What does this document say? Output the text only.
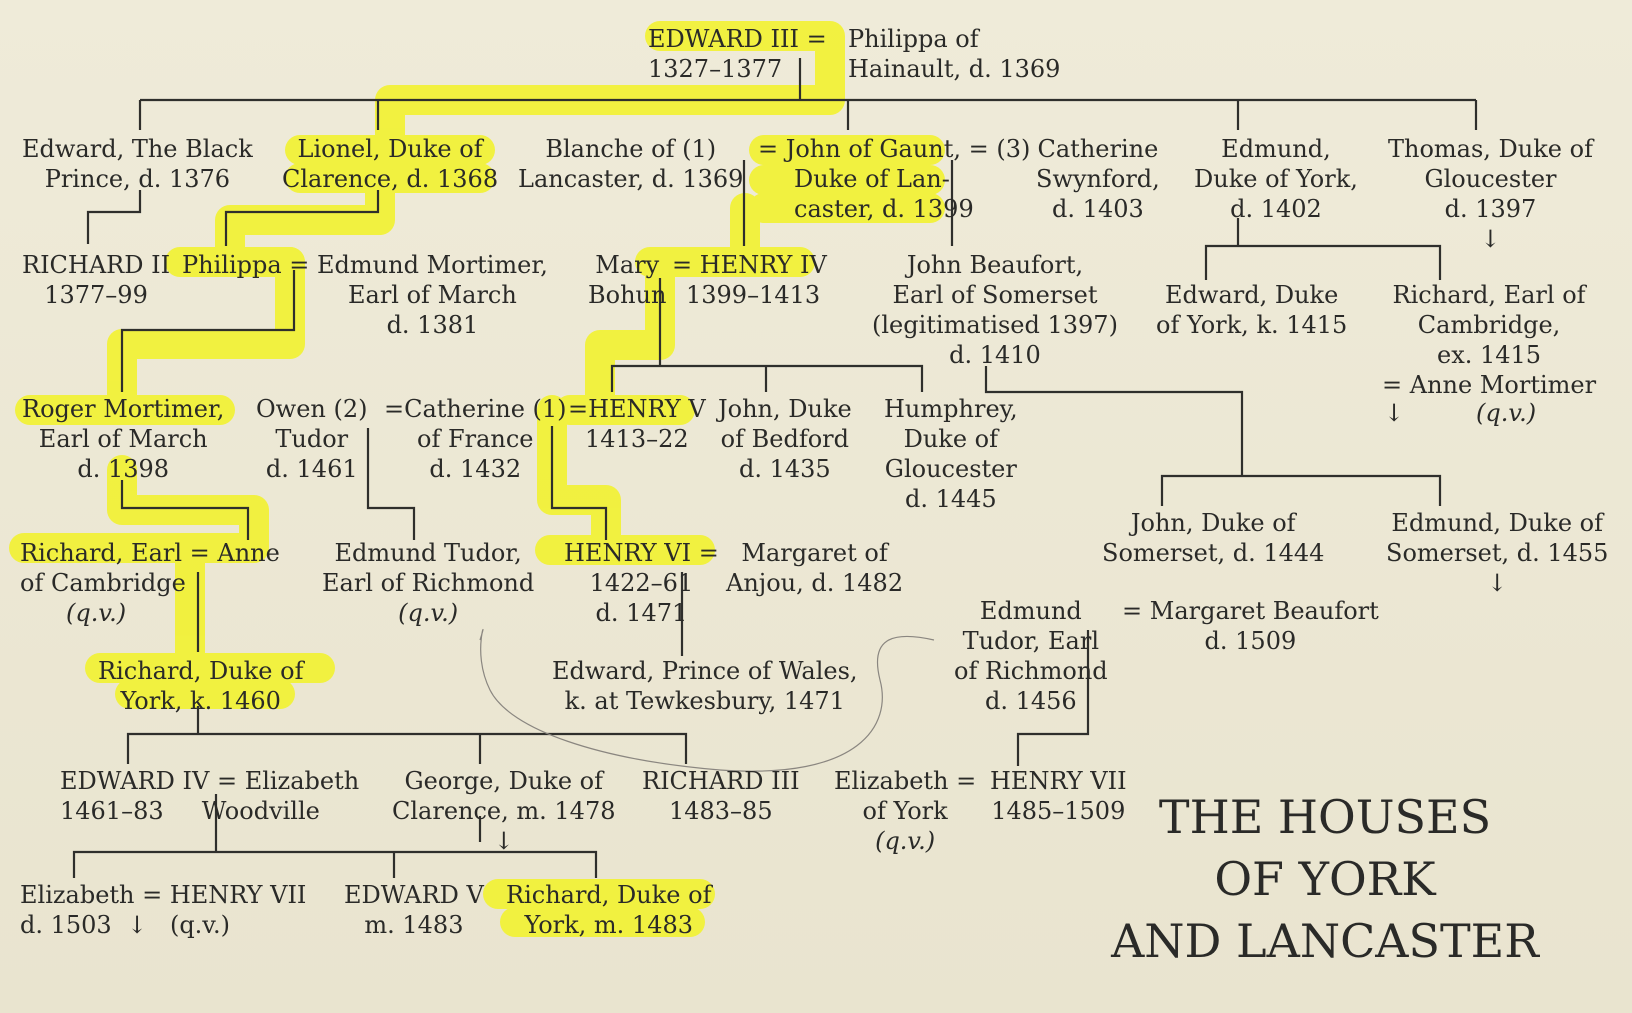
EDWARD III =
1327–1377
Philippa of
Hainault, d. 1369
Edward, The Black
Prince, d. 1376
Lionel, Duke of
Clarence, d. 1368
Blanche of (1)
Lancaster, d. 1369
= John of Gaunt, = (3)
Duke of Lan-
caster, d. 1399
Catherine
Swynford,
d. 1403
Edmund,
Duke of York,
d. 1402
Thomas, Duke of
Gloucester
d. 1397
↓
RICHARD II
1377–99
Philippa = Edmund Mortimer,
Earl of March
d. 1381
Mary
Bohun
= HENRY IV
1399–1413
John Beaufort,
Earl of Somerset
(legitimatised 1397)
d. 1410
Edward, Duke
of York, k. 1415
Richard, Earl of
Cambridge,
ex. 1415
= Anne Mortimer
↓	(q.v.)
Roger Mortimer,
Earl of March
d. 1398
Owen (2)
Tudor
d. 1461
=Catherine (1)
of France
d. 1432
=HENRY V
1413–22
John, Duke
of Bedford
d. 1435
Humphrey,
Duke of
Gloucester
d. 1445
John, Duke of
Somerset, d. 1444
Edmund, Duke of
Somerset, d. 1455
↓
Richard, Earl = Anne
of Cambridge
(q.v.)
Edmund Tudor,
Earl of Richmond
(q.v.)
HENRY VI =
1422–61
d. 1471
Margaret of
Anjou, d. 1482
Edmund
Tudor, Earl
of Richmond
d. 1456
= Margaret Beaufort
d. 1509
Richard, Duke of
York, k. 1460
Edward, Prince of Wales,
k. at Tewkesbury, 1471
EDWARD IV = Elizabeth
1461–83     Woodville
George, Duke of
Clarence, m. 1478
↓
RICHARD III
1483–85
Elizabeth =
of York
(q.v.)
HENRY VII
1485–1509
Elizabeth = HENRY VII
d. 1503  ↓   (q.v.)
EDWARD V
m. 1483
Richard, Duke of
York, m. 1483
THE HOUSES
OF YORK
AND LANCASTER
